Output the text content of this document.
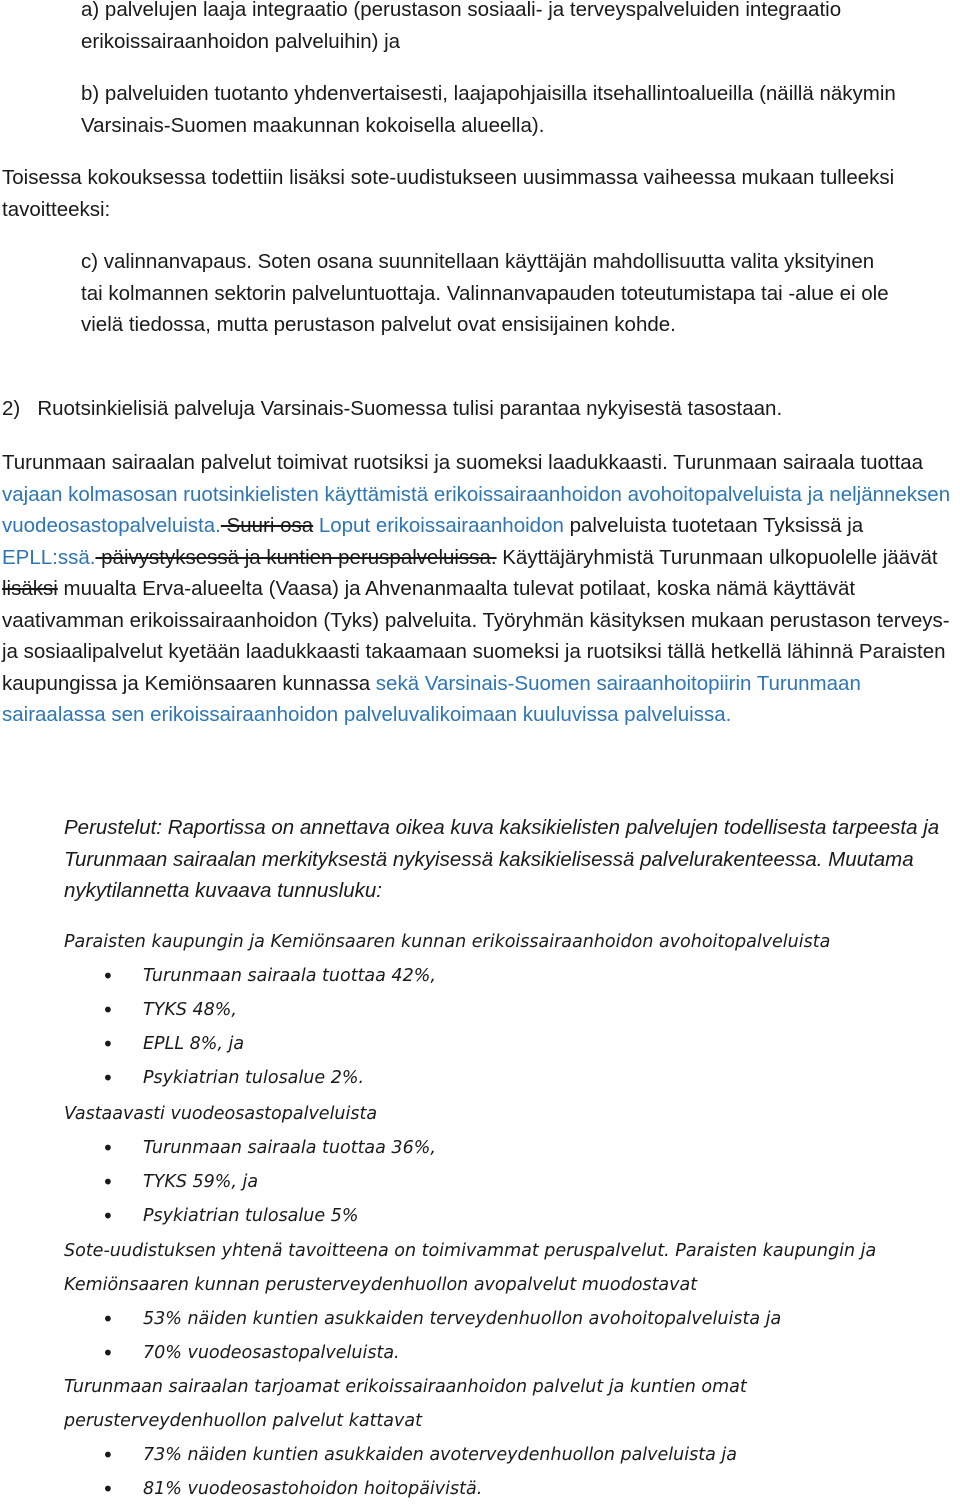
a) palvelujen laaja integraatio (perustason sosiaali- ja terveyspalveluiden integraatio erikoissairaanhoidon palveluihin) ja

b) palveluiden tuotanto yhdenvertaisesti, laajapohjaisilla itsehallintoalueilla (näillä näkymin Varsinais-Suomen maakunnan kokoisella alueella).

Toisessa kokouksessa todettiin lisäksi sote-uudistukseen uusimmassa vaiheessa mukaan tulleeksi tavoitteeksi:

c) valinnanvapaus. Soten osana suunnitellaan käyttäjän mahdollisuutta valita yksityinen tai kolmannen sektorin palveluntuottaja. Valinnanvapauden toteutumistapa tai -alue ei ole vielä tiedossa, mutta perustason palvelut ovat ensisijainen kohde.

2)   Ruotsinkielisiä palveluja Varsinais-Suomessa tulisi parantaa nykyisestä tasostaan.

Turunmaan sairaalan palvelut toimivat ruotsiksi ja suomeksi laadukkaasti. Turunmaan sairaala tuottaa vajaan kolmasosan ruotsinkielisten käyttämistä erikoissairaanhoidon avohoitopalveluista ja neljänneksen vuodeosastopalveluista. Suuri osa Loput erikoissairaanhoidon palveluista tuotetaan Tyksissä ja EPLL:ssä. päivystyksessä ja kuntien peruspalveluissa. Käyttäjäryhmistä Turunmaan ulkopuolelle jäävät lisäksi muualta Erva-alueelta (Vaasa) ja Ahvenanmaalta tulevat potilaat, koska nämä käyttävät vaativamman erikoissairaanhoidon (Tyks) palveluita. Työryhmän käsityksen mukaan perustason terveys- ja sosiaalipalvelut kyetään laadukkaasti takaamaan suomeksi ja ruotsiksi tällä hetkellä lähinnä Paraisten kaupungissa ja Kemiönsaaren kunnassa sekä Varsinais-Suomen sairaanhoitopiirin Turunmaan sairaalassa sen erikoissairaanhoidon palveluvalikoimaan kuuluvissa palveluissa.

Perustelut: Raportissa on annettava oikea kuva kaksikielisten palvelujen todellisesta tarpeesta ja Turunmaan sairaalan merkityksestä nykyisessä kaksikielisessä palvelurakenteessa. Muutama nykytilannetta kuvaava tunnusluku:

Paraisten kaupungin ja Kemiönsaaren kunnan erikoissairaanhoidon avohoitopalveluista

• Turunmaan sairaala tuottaa 42%,
• TYKS 48%,
• EPLL 8%, ja
• Psykiatrian tulosalue 2%.

Vastaavasti vuodeosastopalveluista

• Turunmaan sairaala tuottaa 36%,
• TYKS 59%, ja
• Psykiatrian tulosalue 5%

Sote-uudistuksen yhtenä tavoitteena on toimivammat peruspalvelut. Paraisten kaupungin ja Kemiönsaaren kunnan perusterveydenhuollon avopalvelut muodostavat

• 53% näiden kuntien asukkaiden terveydenhuollon avohoitopalveluista ja
• 70% vuodeosastopalveluista.

Turunmaan sairaalan tarjoamat erikoissairaanhoidon palvelut ja kuntien omat perusterveydenhuollon palvelut kattavat

• 73% näiden kuntien asukkaiden avoterveydenhuollon palveluista ja
• 81% vuodeosastohoidon hoitopäivistä.
